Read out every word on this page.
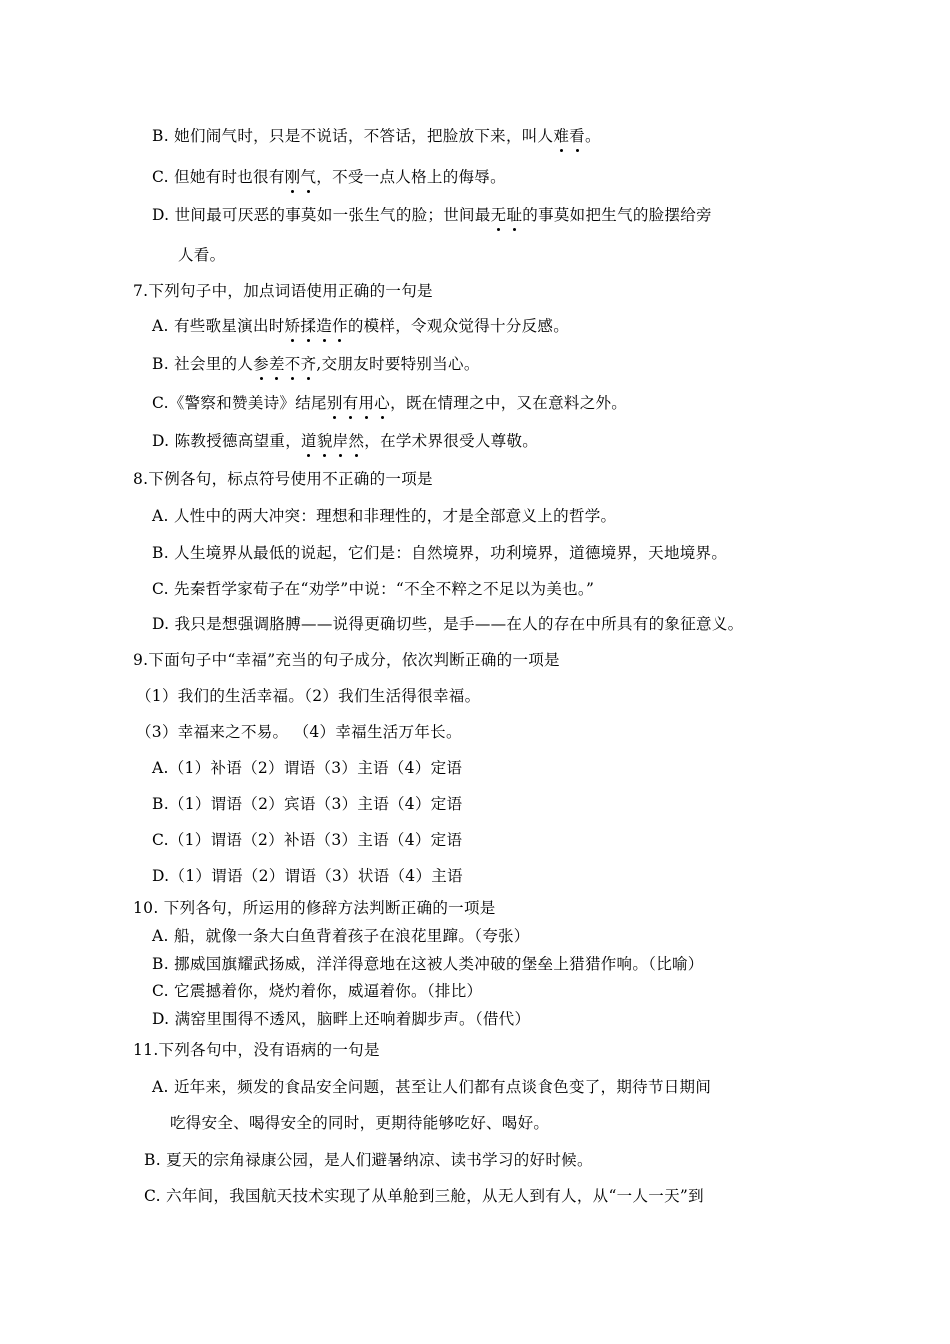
B. 她们闹气时，只是不说话，不答话，把脸放下来，叫人难看。
C. 但她有时也很有刚气，不受一点人格上的侮辱。
D. 世间最可厌恶的事莫如一张生气的脸；世间最无耻的事莫如把生气的脸摆给旁
人看。
7.下列句子中，加点词语使用正确的一句是
A. 有些歌星演出时矫揉造作的模样，令观众觉得十分反感。
B. 社会里的人参差不齐,交朋友时要特别当心。
C.《警察和赞美诗》结尾别有用心，既在情理之中，又在意料之外。
D. 陈教授德高望重，道貌岸然，在学术界很受人尊敬。
8.下例各句，标点符号使用不正确的一项是
A. 人性中的两大冲突：理想和非理性的，才是全部意义上的哲学。
B. 人生境界从最低的说起，它们是：自然境界，功利境界，道德境界，天地境界。
C. 先秦哲学家荀子在“劝学”中说：“不全不粹之不足以为美也。”
D. 我只是想强调胳膊——说得更确切些，是手——在人的存在中所具有的象征意义。
9.下面句子中“幸福”充当的句子成分，依次判断正确的一项是
（1）我们的生活幸福。（2）我们生活得很幸福。
（3）幸福来之不易。 （4）幸福生活万年长。
A.（1）补语（2）谓语（3）主语（4）定语
B.（1）谓语（2）宾语（3）主语（4）定语
C.（1）谓语（2）补语（3）主语（4）定语
D.（1）谓语（2）谓语（3）状语（4）主语
10. 下列各句，所运用的修辞方法判断正确的一项是
A. 船，就像一条大白鱼背着孩子在浪花里蹿。（夸张）
B. 挪威国旗耀武扬威，洋洋得意地在这被人类冲破的堡垒上猎猎作响。（比喻）
C. 它震撼着你，烧灼着你，威逼着你。（排比）
D. 满窑里围得不透风，脑畔上还响着脚步声。（借代）
11.下列各句中，没有语病的一句是
A. 近年来，频发的食品安全问题，甚至让人们都有点谈食色变了，期待节日期间
吃得安全、喝得安全的同时，更期待能够吃好、喝好。
B. 夏天的宗角禄康公园，是人们避暑纳凉、读书学习的好时候。
C. 六年间，我国航天技术实现了从单舱到三舱，从无人到有人，从“一人一天”到
